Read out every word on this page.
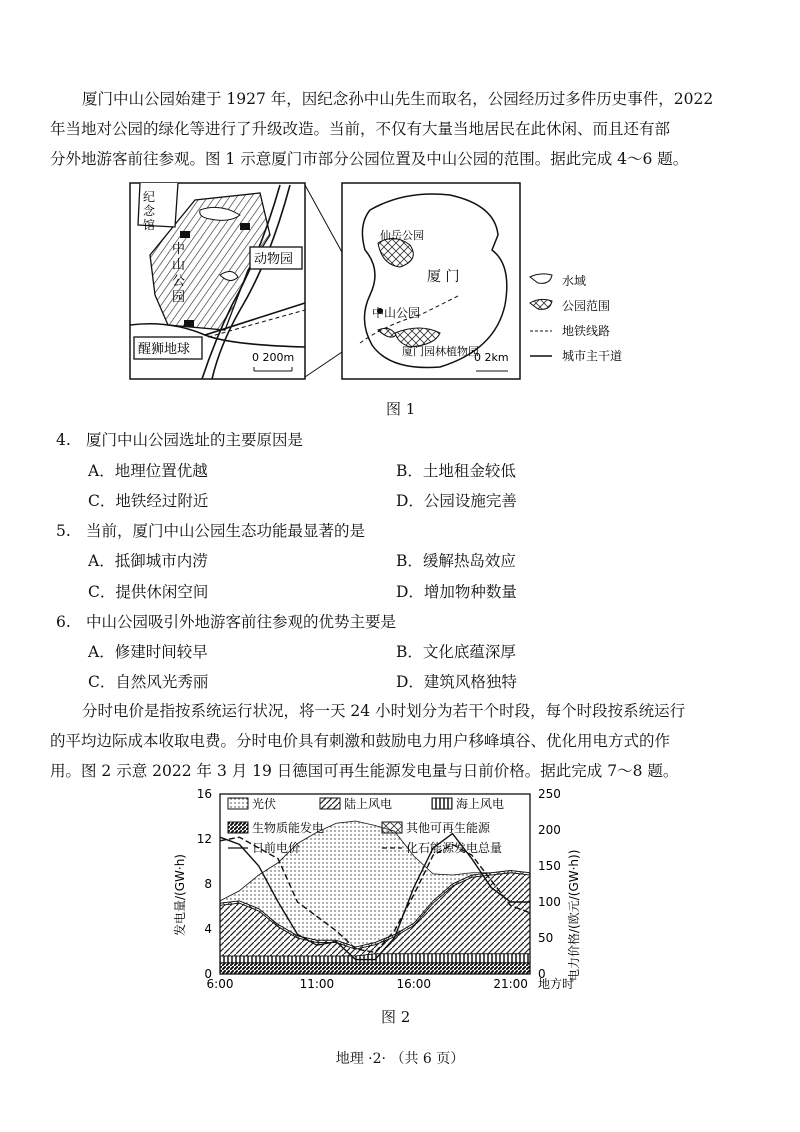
厦门中山公园始建于 1927 年，因纪念孙中山先生而取名，公园经历过多件历史事件，2022
年当地对公园的绿化等进行了升级改造。当前，不仅有大量当地居民在此休闲、而且还有部
分外地游客前往参观。图 1 示意厦门市部分公园位置及中山公园的范围。据此完成 4～6 题。
纪
念
馆
中
山
公
园
动物园
醒狮地球
0 200m
仙岳公园
厦 门
中山公园
厦门园林植物园
0 2km
水域
公园范围
地铁线路
城市主干道
图 1
4. 厦门中山公园选址的主要原因是
A．地理位置优越	B．土地租金较低
C．地铁经过附近	D．公园设施完善
5. 当前，厦门中山公园生态功能最显著的是
A．抵御城市内涝	B．缓解热岛效应
C．提供休闲空间	D．增加物种数量
6. 中山公园吸引外地游客前往参观的优势主要是
A．修建时间较早	B．文化底蕴深厚
C．自然风光秀丽	D．建筑风格独特
分时电价是指按系统运行状况，将一天 24 小时划分为若干个时段，每个时段按系统运行
的平均边际成本收取电费。分时电价具有刺激和鼓励电力用户移峰填谷、优化用电方式的作
用。图 2 示意 2022 年 3 月 19 日德国可再生能源发电量与日前价格。据此完成 7～8 题。
光伏	陆上风电	海上风电
生物质能发电	其他可再生能源
日前电价	化石能源发电总量
0
4
8
12
16
0
50
100
150
200
250
6:00	11:00	16:00	21:00
发电量/(GW·h)	电力价格/(欧元/(GW·h))
地方时
图 2
地理 ·2· （共 6 页）
